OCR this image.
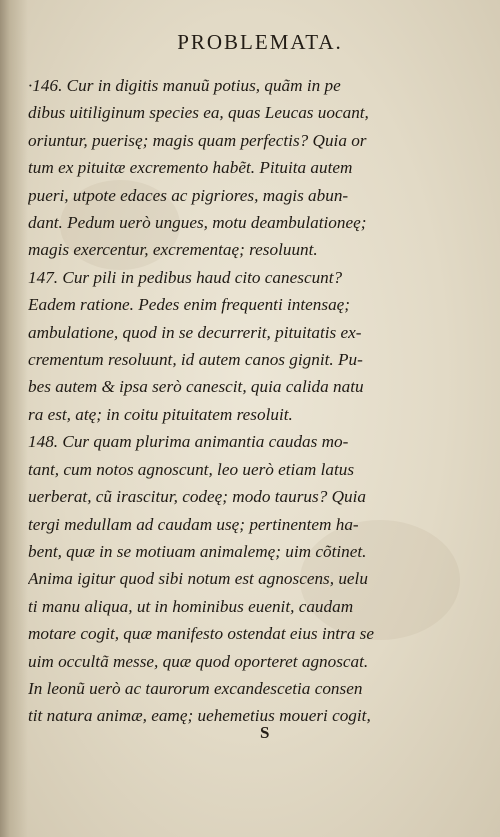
PROBLEMATA.
·146. Cur in digitis manuũ potius, quãm in pe
dibus uitiliginum species ea, quas Leucas uocant,
oriuntur, puerisę; magis quam perfectis? Quia or
tum ex pituitæ excremento habẽt. Pituita autem
pueri, utpote edaces ac pigriores, magis abun-
dant. Pedum uerò ungues, motu deambulationeę;
magis exercentur, excrementaę; resoluunt.
147. Cur pili in pedibus haud cito canescunt?
Eadem ratione. Pedes enim frequenti intensaę;
ambulatione, quod in se decurrerit, pituitatis ex-
crementum resoluunt, id autem canos gignit. Pu-
bes autem & ipsa serò canescit, quia calida natu
ra est, atę; in coitu pituitatem resoluit.
148. Cur quam plurima animantia caudas mo-
tant, cum notos agnoscunt, leo uerò etiam latus
uerberat, cũ irascitur, codeę; modo taurus? Quia
tergi medullam ad caudam usę; pertinentem ha-
bent, quæ in se motiuam animalemę; uim cõtinet.
Anima igitur quod sibi notum est agnoscens, uelu
ti manu aliqua, ut in hominibus euenit, caudam
motare cogit, quæ manifesto ostendat eius intra se
uim occultã messe, quæ quod oporteret agnoscat.
In leonũ uerò ac taurorum excandescetia consen
tit natura animæ, eamę; uehemetius moueri cogit,
S
